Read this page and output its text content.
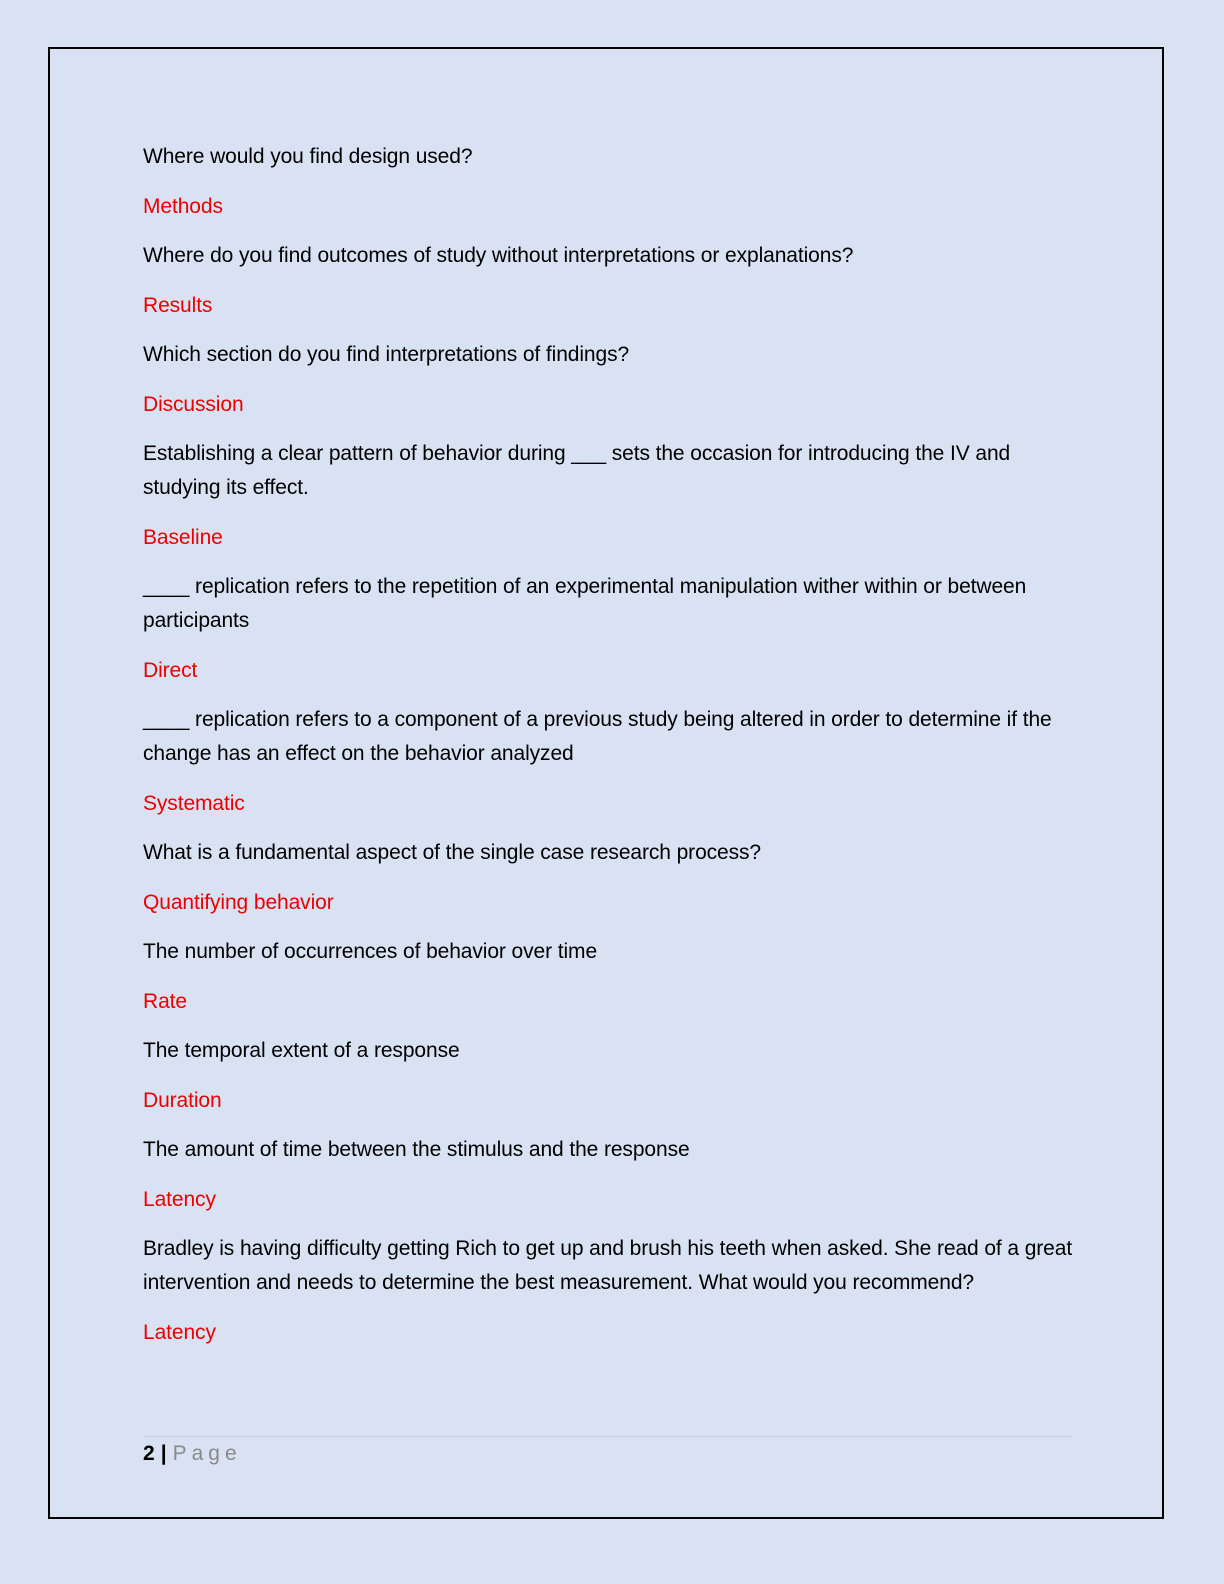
Where would you find design used?

Methods

Where do you find outcomes of study without interpretations or explanations?

Results

Which section do you find interpretations of findings?

Discussion

Establishing a clear pattern of behavior during ___ sets the occasion for introducing the IV and studying its effect.

Baseline

____ replication refers to the repetition of an experimental manipulation wither within or between participants

Direct

____ replication refers to a component of a previous study being altered in order to determine if the change has an effect on the behavior analyzed

Systematic

What is a fundamental aspect of the single case research process?

Quantifying behavior

The number of occurrences of behavior over time

Rate

The temporal extent of a response

Duration

The amount of time between the stimulus and the response

Latency

Bradley is having difficulty getting Rich to get up and brush his teeth when asked. She read of a great intervention and needs to determine the best measurement. What would you recommend?

Latency

2 | Page
